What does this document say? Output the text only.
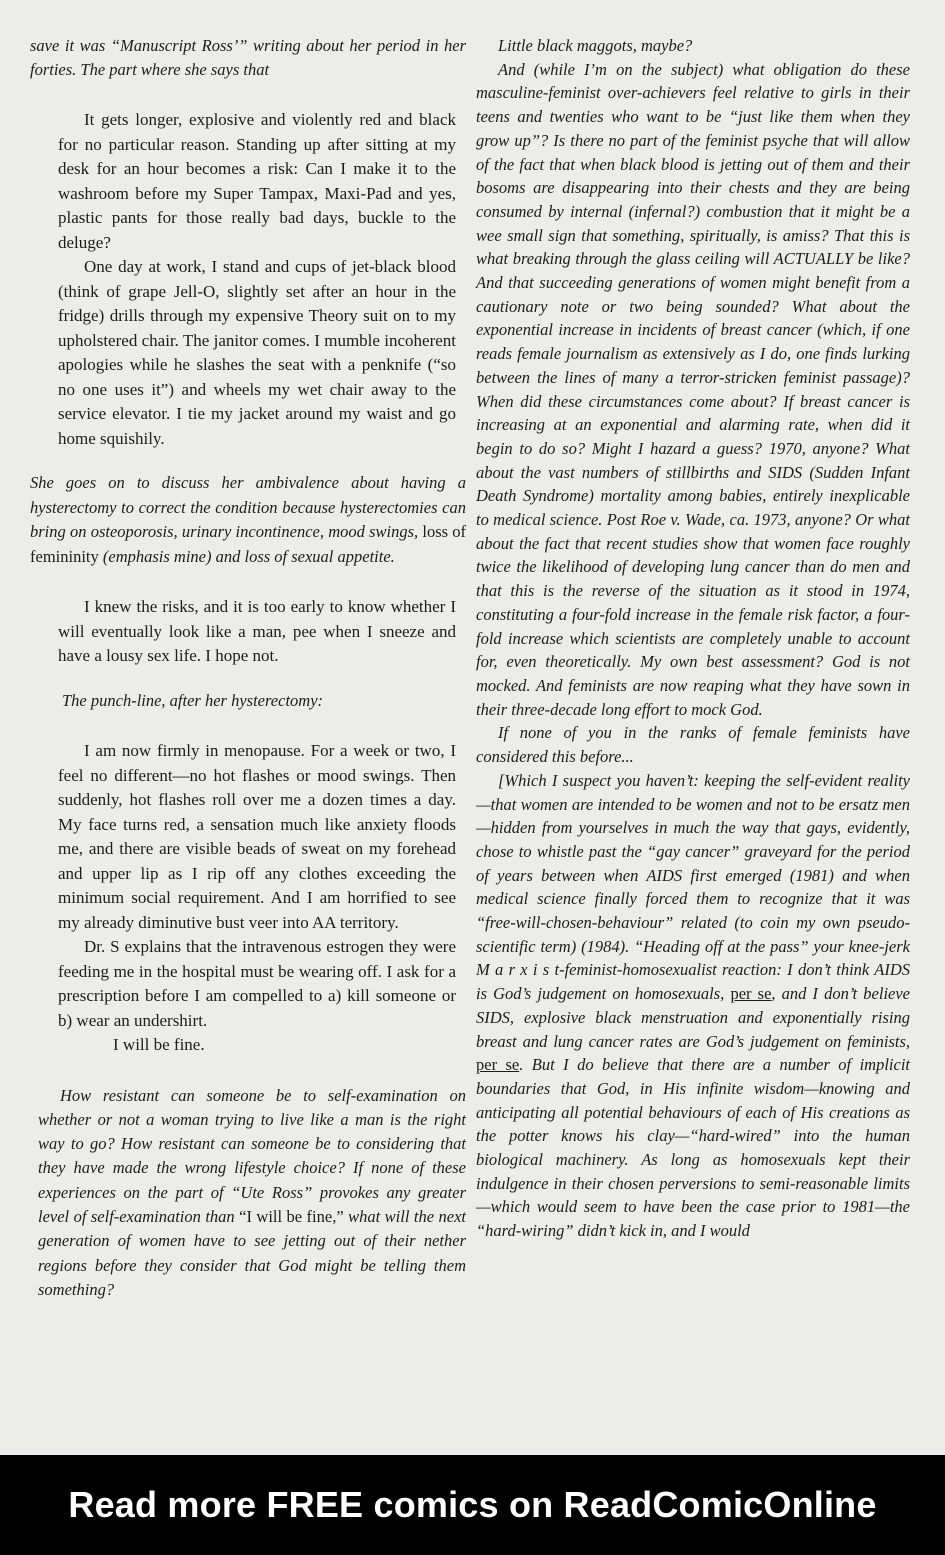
save it was “Manuscript Ross’” writing about her period in her forties. The part where she says that

It gets longer, explosive and violently red and black for no particular reason. Standing up after sitting at my desk for an hour becomes a risk: Can I make it to the washroom before my Super Tampax, Maxi-Pad and yes, plastic pants for those really bad days, buckle to the deluge?

One day at work, I stand and cups of jet-black blood (think of grape Jell-O, slightly set after an hour in the fridge) drills through my expensive Theory suit on to my upholstered chair. The janitor comes. I mumble incoherent apologies while he slashes the seat with a penknife (“so no one uses it”) and wheels my wet chair away to the service elevator. I tie my jacket around my waist and go home squishily.

She goes on to discuss her ambivalence about having a hysterectomy to correct the condition because hysterectomies can bring on osteoporosis, urinary incontinence, mood swings, loss of femininity (emphasis mine) and loss of sexual appetite.

I knew the risks, and it is too early to know whether I will eventually look like a man, pee when I sneeze and have a lousy sex life. I hope not.

The punch-line, after her hysterectomy:

I am now firmly in menopause. For a week or two, I feel no different—no hot flashes or mood swings. Then suddenly, hot flashes roll over me a dozen times a day. My face turns red, a sensation much like anxiety floods me, and there are visible beads of sweat on my forehead and upper lip as I rip off any clothes exceeding the minimum social requirement. And I am horrified to see my already diminutive bust veer into AA territory.

Dr. S explains that the intravenous estrogen they were feeding me in the hospital must be wearing off. I ask for a prescription before I am compelled to a) kill someone or b) wear an undershirt.

I will be fine.

How resistant can someone be to self-examination on whether or not a woman trying to live like a man is the right way to go? How resistant can someone be to considering that they have made the wrong lifestyle choice? If none of these experiences on the part of “Ute Ross” provokes any greater level of self-examination than “I will be fine,” what will the next generation of women have to see jetting out of their nether regions before they consider that God might be telling them something?

Little black maggots, maybe?

And (while I’m on the subject) what obligation do these masculine-feminist over-achievers feel relative to girls in their teens and twenties who want to be “just like them when they grow up”? Is there no part of the feminist psyche that will allow of the fact that when black blood is jetting out of them and their bosoms are disappearing into their chests and they are being consumed by internal (infernal?) combustion that it might be a wee small sign that something, spiritually, is amiss? That this is what breaking through the glass ceiling will ACTUALLY be like? And that succeeding generations of women might benefit from a cautionary note or two being sounded? What about the exponential increase in incidents of breast cancer (which, if one reads female journalism as extensively as I do, one finds lurking between the lines of many a terror-stricken feminist passage)? When did these circumstances come about? If breast cancer is increasing at an exponential and alarming rate, when did it begin to do so? Might I hazard a guess? 1970, anyone? What about the vast numbers of stillbirths and SIDS (Sudden Infant Death Syndrome) mortality among babies, entirely inexplicable to medical science. Post Roe v. Wade, ca. 1973, anyone? Or what about the fact that recent studies show that women face roughly twice the likelihood of developing lung cancer than do men and that this is the reverse of the situation as it stood in 1974, constituting a four-fold increase in the female risk factor, a four-fold increase which scientists are completely unable to account for, even theoretically. My own best assessment? God is not mocked. And feminists are now reaping what they have sown in their three-decade long effort to mock God.

If none of you in the ranks of female feminists have considered this before...

[Which I suspect you haven’t: keeping the self-evident reality—that women are intended to be women and not to be ersatz men—hidden from yourselves in much the way that gays, evidently, chose to whistle past the “gay cancer” graveyard for the period of years between when AIDS first emerged (1981) and when medical science finally forced them to recognize that it was “free-will-chosen-behaviour” related (to coin my own pseudo-scientific term) (1984). “Heading off at the pass” your knee-jerk M a r x i s t-feminist-homosexualist reaction: I don’t think AIDS is God’s judgement on homosexuals, per se, and I don’t believe SIDS, explosive black menstruation and exponentially rising breast and lung cancer rates are God’s judgement on feminists, per se. But I do believe that there are a number of implicit boundaries that God, in His infinite wisdom—knowing and anticipating all potential behaviours of each of His creations as the potter knows his clay—“hard-wired” into the human biological machinery. As long as homosexuals kept their indulgence in their chosen perversions to semi-reasonable limits—which would seem to have been the case prior to 1981—the “hard-wiring” didn’t kick in, and I would

Read more FREE comics on ReadComicOnline
